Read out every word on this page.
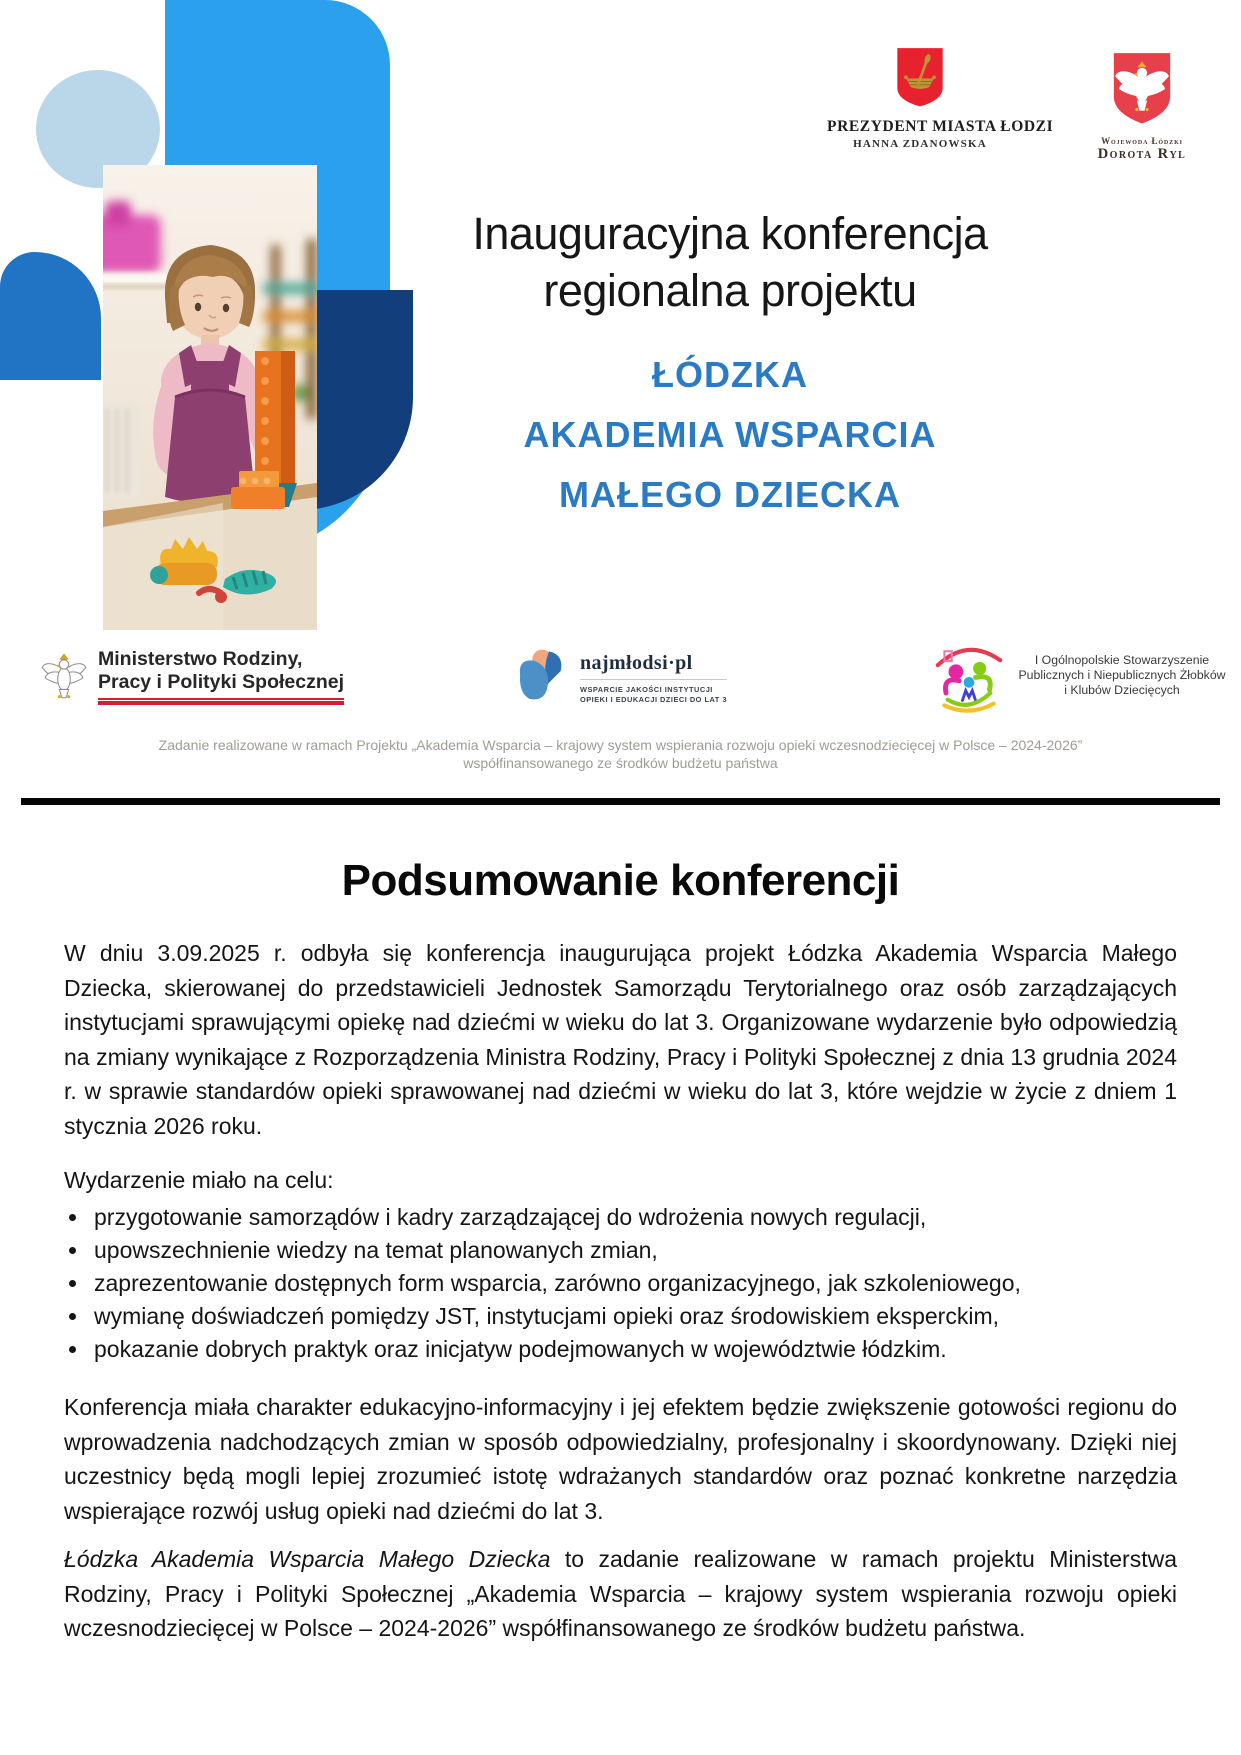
PREZYDENT MIASTA ŁODZI
HANNA ZDANOWSKA	Wojewoda Łódzki
Dorota Ryl
Inauguracyjna konferencja
regionalna projektu
ŁÓDZKA
AKADEMIA WSPARCIA
MAŁEGO DZIECKA
Ministerstwo Rodziny,
Pracy i Polityki Społecznej
najmłodsi·pl
WSPARCIE JAKOŚCI INSTYTUCJI
OPIEKI I EDUKACJI DZIECI DO LAT 3
I Ogólnopolskie Stowarzyszenie
Publicznych i Niepublicznych Żłobków
i Klubów Dziecięcych
Zadanie realizowane w ramach Projektu „Akademia Wsparcia – krajowy system wspierania rozwoju opieki wczesnodziecięcej w Polsce – 2024-2026”
współfinansowanego ze środków budżetu państwa
Podsumowanie konferencji

W dniu 3.09.2025 r. odbyła się konferencja inaugurująca projekt Łódzka Akademia Wsparcia Małego Dziecka, skierowanej do przedstawicieli Jednostek Samorządu Terytorialnego oraz osób zarządzających instytucjami sprawującymi opiekę nad dziećmi w wieku do lat 3. Organizowane wydarzenie było odpowiedzią na zmiany wynikające z Rozporządzenia Ministra Rodziny, Pracy i Polityki Społecznej z dnia 13 grudnia 2024 r. w sprawie standardów opieki sprawowanej nad dziećmi w wieku do lat 3, które wejdzie w życie z dniem 1 stycznia 2026 roku.

Wydarzenie miało na celu:

• przygotowanie samorządów i kadry zarządzającej do wdrożenia nowych regulacji,
• upowszechnienie wiedzy na temat planowanych zmian,
• zaprezentowanie dostępnych form wsparcia, zarówno organizacyjnego, jak szkoleniowego,
• wymianę doświadczeń pomiędzy JST, instytucjami opieki oraz środowiskiem eksperckim,
• pokazanie dobrych praktyk oraz inicjatyw podejmowanych w województwie łódzkim.

Konferencja miała charakter edukacyjno-informacyjny i jej efektem będzie zwiększenie gotowości regionu do wprowadzenia nadchodzących zmian w sposób odpowiedzialny, profesjonalny i skoordynowany. Dzięki niej uczestnicy będą mogli lepiej zrozumieć istotę wdrażanych standardów oraz poznać konkretne narzędzia wspierające rozwój usług opieki nad dziećmi do lat 3.

Łódzka Akademia Wsparcia Małego Dziecka to zadanie realizowane w ramach projektu Ministerstwa Rodziny, Pracy i Polityki Społecznej „Akademia Wsparcia – krajowy system wspierania rozwoju opieki wczesnodziecięcej w Polsce – 2024-2026” współfinansowanego ze środków budżetu państwa.
